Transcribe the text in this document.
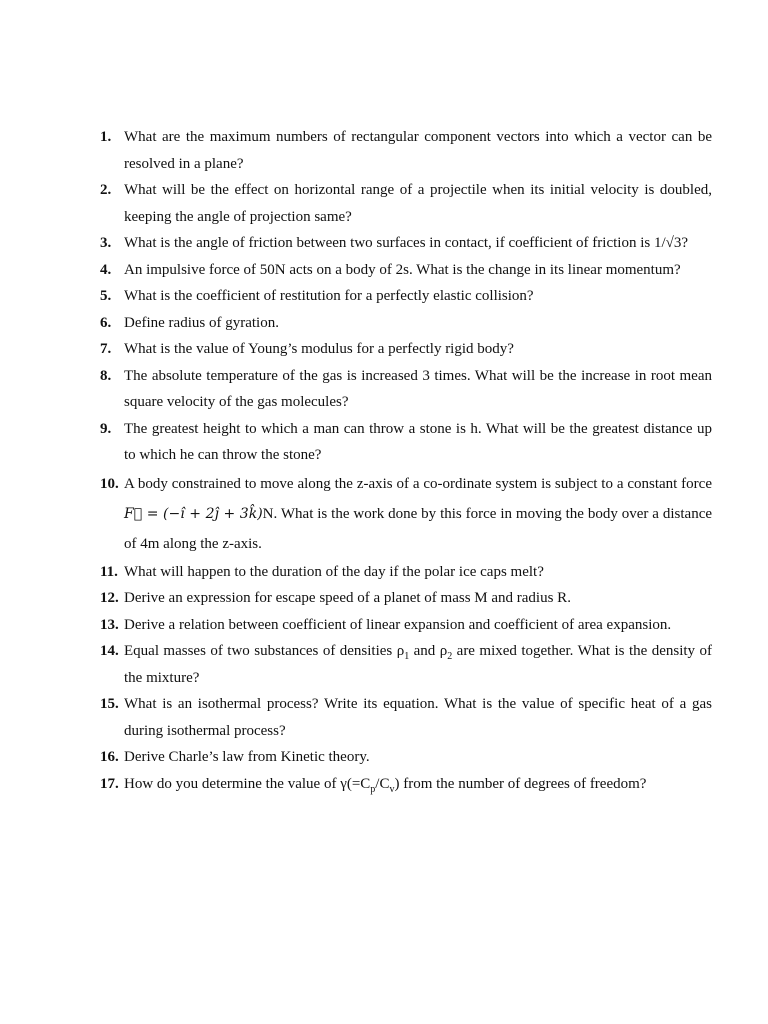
1. What are the maximum numbers of rectangular component vectors into which a vector can be resolved in a plane?
2. What will be the effect on horizontal range of a projectile when its initial velocity is doubled, keeping the angle of projection same?
3. What is the angle of friction between two surfaces in contact, if coefficient of friction is 1/√3?
4. An impulsive force of 50N acts on a body of 2s. What is the change in its linear momentum?
5. What is the coefficient of restitution for a perfectly elastic collision?
6. Define radius of gyration.
7. What is the value of Young’s modulus for a perfectly rigid body?
8. The absolute temperature of the gas is increased 3 times. What will be the increase in root mean square velocity of the gas molecules?
9. The greatest height to which a man can throw a stone is h. What will be the greatest distance up to which he can throw the stone?
10. A body constrained to move along the z-axis of a co-ordinate system is subject to a constant force F⃗ = (−î + 2ĵ + 3k̂)N. What is the work done by this force in moving the body over a distance of 4m along the z-axis.
11. What will happen to the duration of the day if the polar ice caps melt?
12. Derive an expression for escape speed of a planet of mass M and radius R.
13. Derive a relation between coefficient of linear expansion and coefficient of area expansion.
14. Equal masses of two substances of densities $\rho_1$ and $\rho_2$ are mixed together. What is the density of the mixture?
15. What is an isothermal process? Write its equation. What is the value of specific heat of a gas during isothermal process?
16. Derive Charle’s law from Kinetic theory.
17. How do you determine the value of $\gamma(=C_p/C_v)$ from the number of degrees of freedom?
